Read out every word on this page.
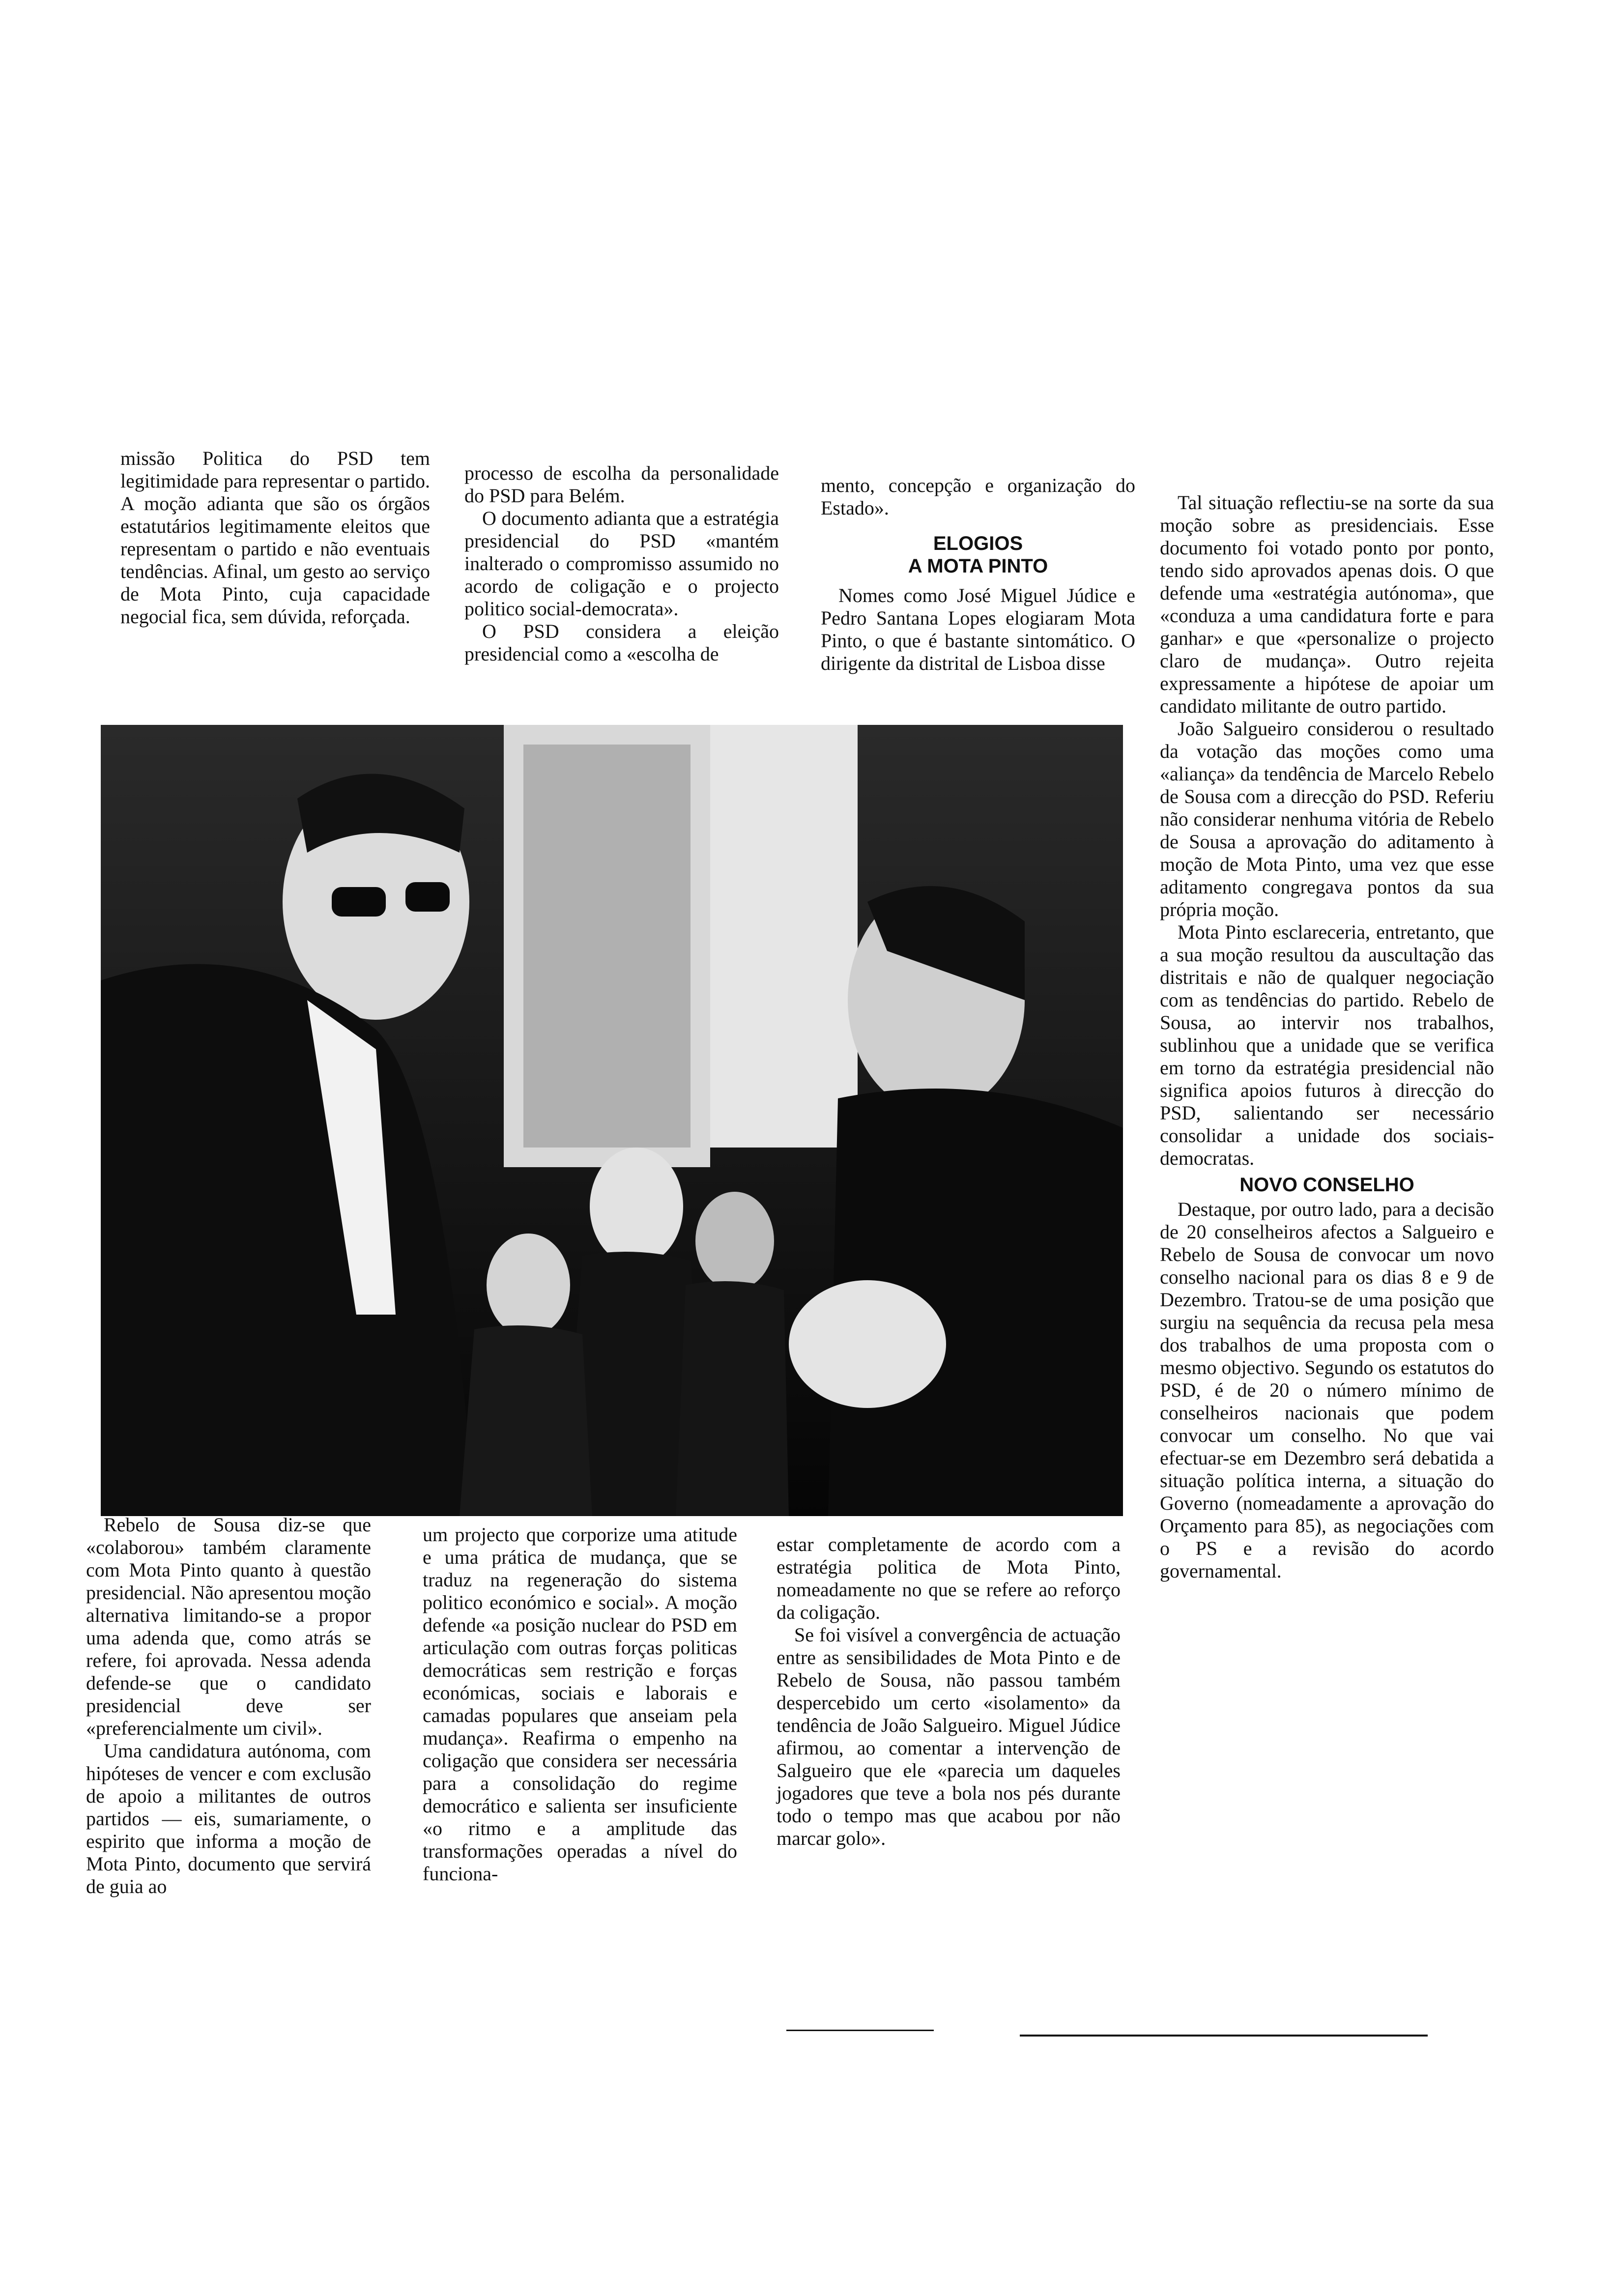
missão Politica do PSD tem legitimidade para representar o partido. A moção adianta que são os órgãos estatutários legitimamente eleitos que representam o partido e não eventuais tendências. Afinal, um gesto ao serviço de Mota Pinto, cuja capacidade negocial fica, sem dúvida, reforçada.

processo de escolha da personalidade do PSD para Belém.

O documento adianta que a estratégia presidencial do PSD «mantém inalterado o compromisso assumido no acordo de coligação e o projecto politico social-democrata».

O PSD considera a eleição presidencial como a «escolha de

mento, concepção e organização do Estado».

ELOGIOS
A MOTA PINTO

Nomes como José Miguel Júdice e Pedro Santana Lopes elogiaram Mota Pinto, o que é bastante sintomático. O dirigente da distrital de Lisboa disse

Tal situação reflectiu-se na sorte da sua moção sobre as presidenciais. Esse documento foi votado ponto por ponto, tendo sido aprovados apenas dois. O que defende uma «estratégia autónoma», que «conduza a uma candidatura forte e para ganhar» e que «personalize o projecto claro de mudança». Outro rejeita expressamente a hipótese de apoiar um candidato militante de outro partido.

João Salgueiro considerou o resultado da votação das moções como uma «aliança» da tendência de Marcelo Rebelo de Sousa com a direcção do PSD. Referiu não considerar nenhuma vitória de Rebelo de Sousa a aprovação do aditamento à moção de Mota Pinto, uma vez que esse aditamento congregava pontos da sua própria moção.

Mota Pinto esclareceria, entretanto, que a sua moção resultou da auscultação das distritais e não de qualquer negociação com as tendências do partido. Rebelo de Sousa, ao intervir nos trabalhos, sublinhou que a unidade que se verifica em torno da estratégia presidencial não significa apoios futuros à direcção do PSD, salientando ser necessário consolidar a unidade dos sociais-democratas.

NOVO CONSELHO

Destaque, por outro lado, para a decisão de 20 conselheiros afectos a Salgueiro e Rebelo de Sousa de convocar um novo conselho nacional para os dias 8 e 9 de Dezembro. Tratou-se de uma posição que surgiu na sequência da recusa pela mesa dos trabalhos de uma proposta com o mesmo objectivo. Segundo os estatutos do PSD, é de 20 o número mínimo de conselheiros nacionais que podem convocar um conselho. No que vai efectuar-se em Dezembro será debatida a situação política interna, a situação do Governo (nomeadamente a aprovação do Orçamento para 85), as negociações com o PS e a revisão do acordo governamental.

Rebelo de Sousa diz-se que «colaborou» também claramente com Mota Pinto quanto à questão presidencial. Não apresentou moção alternativa limitando-se a propor uma adenda que, como atrás se refere, foi aprovada. Nessa adenda defende-se que o candidato presidencial deve ser «preferencialmente um civil».

Uma candidatura autónoma, com hipóteses de vencer e com exclusão de apoio a militantes de outros partidos — eis, sumariamente, o espirito que informa a moção de Mota Pinto, documento que servirá de guia ao

um projecto que corporize uma atitude e uma prática de mudança, que se traduz na regeneração do sistema politico económico e social». A moção defende «a posição nuclear do PSD em articulação com outras forças politicas democráticas sem restrição e forças económicas, sociais e laborais e camadas populares que anseiam pela mudança». Reafirma o empenho na coligação que considera ser necessária para a consolidação do regime democrático e salienta ser insuficiente «o ritmo e a amplitude das transformações operadas a nível do funciona-

estar completamente de acordo com a estratégia politica de Mota Pinto, nomeadamente no que se refere ao reforço da coligação.

Se foi visível a convergência de actuação entre as sensibilidades de Mota Pinto e de Rebelo de Sousa, não passou também despercebido um certo «isolamento» da tendência de João Salgueiro. Miguel Júdice afirmou, ao comentar a intervenção de Salgueiro que ele «parecia um daqueles jogadores que teve a bola nos pés durante todo o tempo mas que acabou por não marcar golo».
